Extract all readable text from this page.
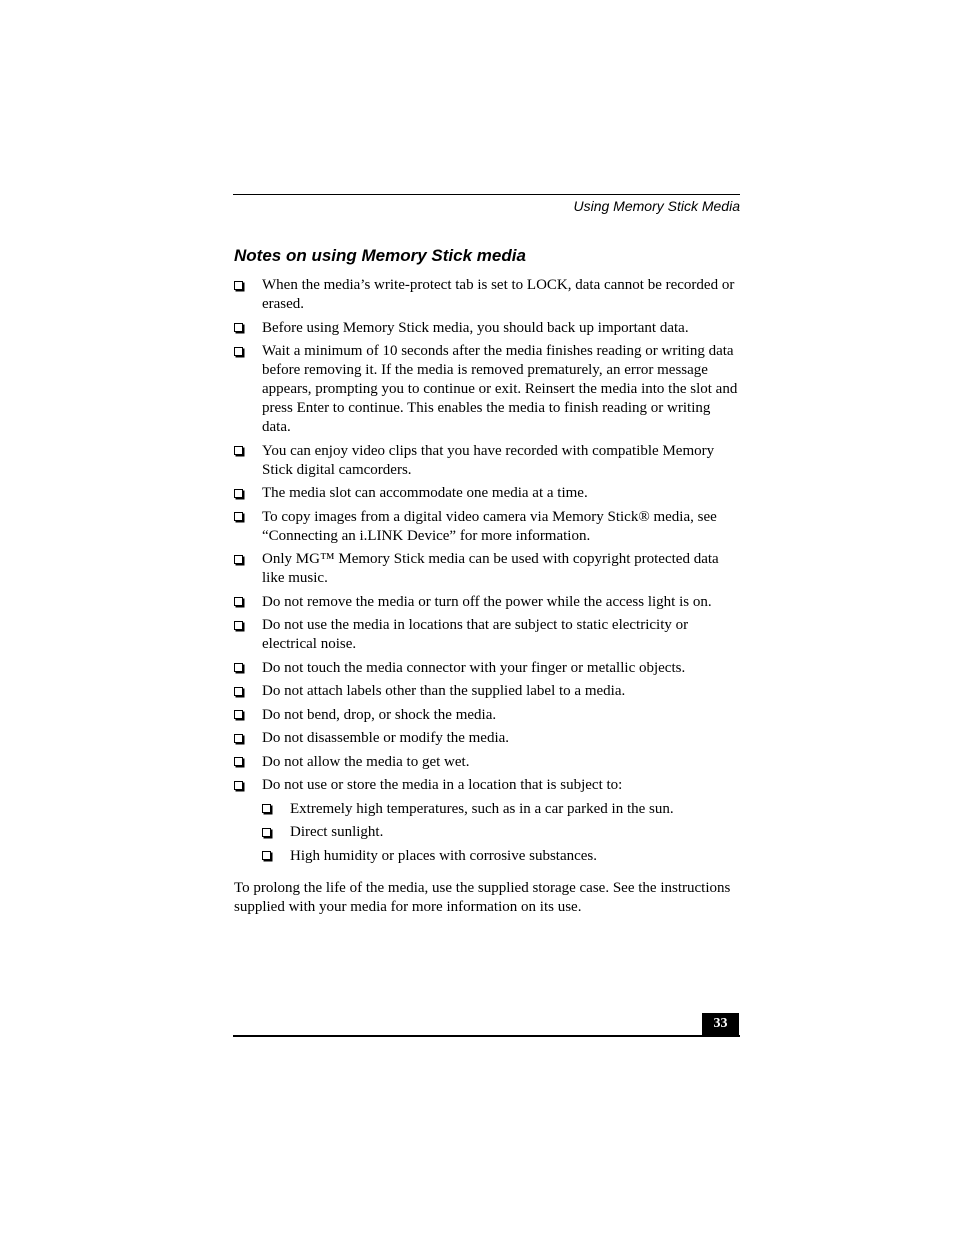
Using Memory Stick Media
Notes on using Memory Stick media
When the media’s write-protect tab is set to LOCK, data cannot be recorded or erased.
Before using Memory Stick media, you should back up important data.
Wait a minimum of 10 seconds after the media finishes reading or writing data before removing it. If the media is removed prematurely, an error message appears, prompting you to continue or exit. Reinsert the media into the slot and press Enter to continue. This enables the media to finish reading or writing data.
You can enjoy video clips that you have recorded with compatible Memory Stick digital camcorders.
The media slot can accommodate one media at a time.
To copy images from a digital video camera via Memory Stick® media, see “Connecting an i.LINK Device” for more information.
Only MG™ Memory Stick media can be used with copyright protected data like music.
Do not remove the media or turn off the power while the access light is on.
Do not use the media in locations that are subject to static electricity or electrical noise.
Do not touch the media connector with your finger or metallic objects.
Do not attach labels other than the supplied label to a media.
Do not bend, drop, or shock the media.
Do not disassemble or modify the media.
Do not allow the media to get wet.
Do not use or store the media in a location that is subject to:
Extremely high temperatures, such as in a car parked in the sun.
Direct sunlight.
High humidity or places with corrosive substances.

To prolong the life of the media, use the supplied storage case. See the instructions supplied with your media for more information on its use.

33
